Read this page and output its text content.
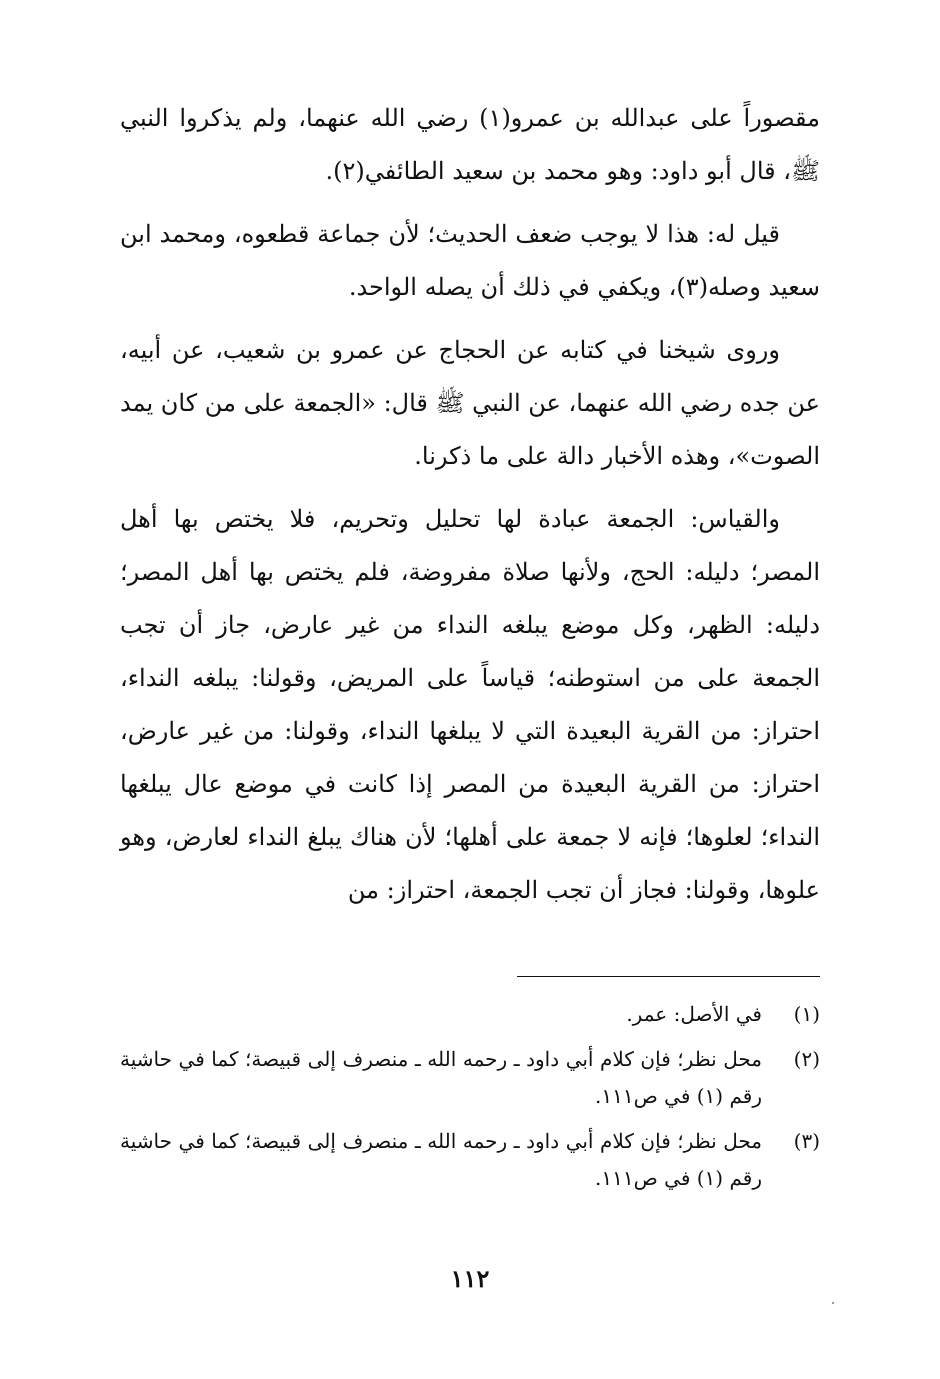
مقصوراً على عبدالله بن عمرو(١) رضي الله عنهما، ولم يذكروا النبي ﷺ، قال أبو داود: وهو محمد بن سعيد الطائفي(٢).

قيل له: هذا لا يوجب ضعف الحديث؛ لأن جماعة قطعوه، ومحمد ابن سعيد وصله(٣)، ويكفي في ذلك أن يصله الواحد.

وروى شيخنا في كتابه عن الحجاج عن عمرو بن شعيب، عن أبيه، عن جده رضي الله عنهما، عن النبي ﷺ قال: «الجمعة على من كان يمد الصوت»، وهذه الأخبار دالة على ما ذكرنا.

والقياس: الجمعة عبادة لها تحليل وتحريم، فلا يختص بها أهل المصر؛ دليله: الحج، ولأنها صلاة مفروضة، فلم يختص بها أهل المصر؛ دليله: الظهر، وكل موضع يبلغه النداء من غير عارض، جاز أن تجب الجمعة على من استوطنه؛ قياساً على المريض، وقولنا: يبلغه النداء، احتراز: من القرية البعيدة التي لا يبلغها النداء، وقولنا: من غير عارض، احتراز: من القرية البعيدة من المصر إذا كانت في موضع عال يبلغها النداء؛ لعلوها؛ فإنه لا جمعة على أهلها؛ لأن هناك يبلغ النداء لعارض، وهو علوها، وقولنا: فجاز أن تجب الجمعة، احتراز: من

(١)
في الأصل: عمر.
(٢)
محل نظر؛ فإن كلام أبي داود ـ رحمه الله ـ منصرف إلى قبيصة؛ كما في حاشية رقم (١) في ص١١١.
(٣)
محل نظر؛ فإن كلام أبي داود ـ رحمه الله ـ منصرف إلى قبيصة؛ كما في حاشية رقم (١) في ص١١١.
١١٢
